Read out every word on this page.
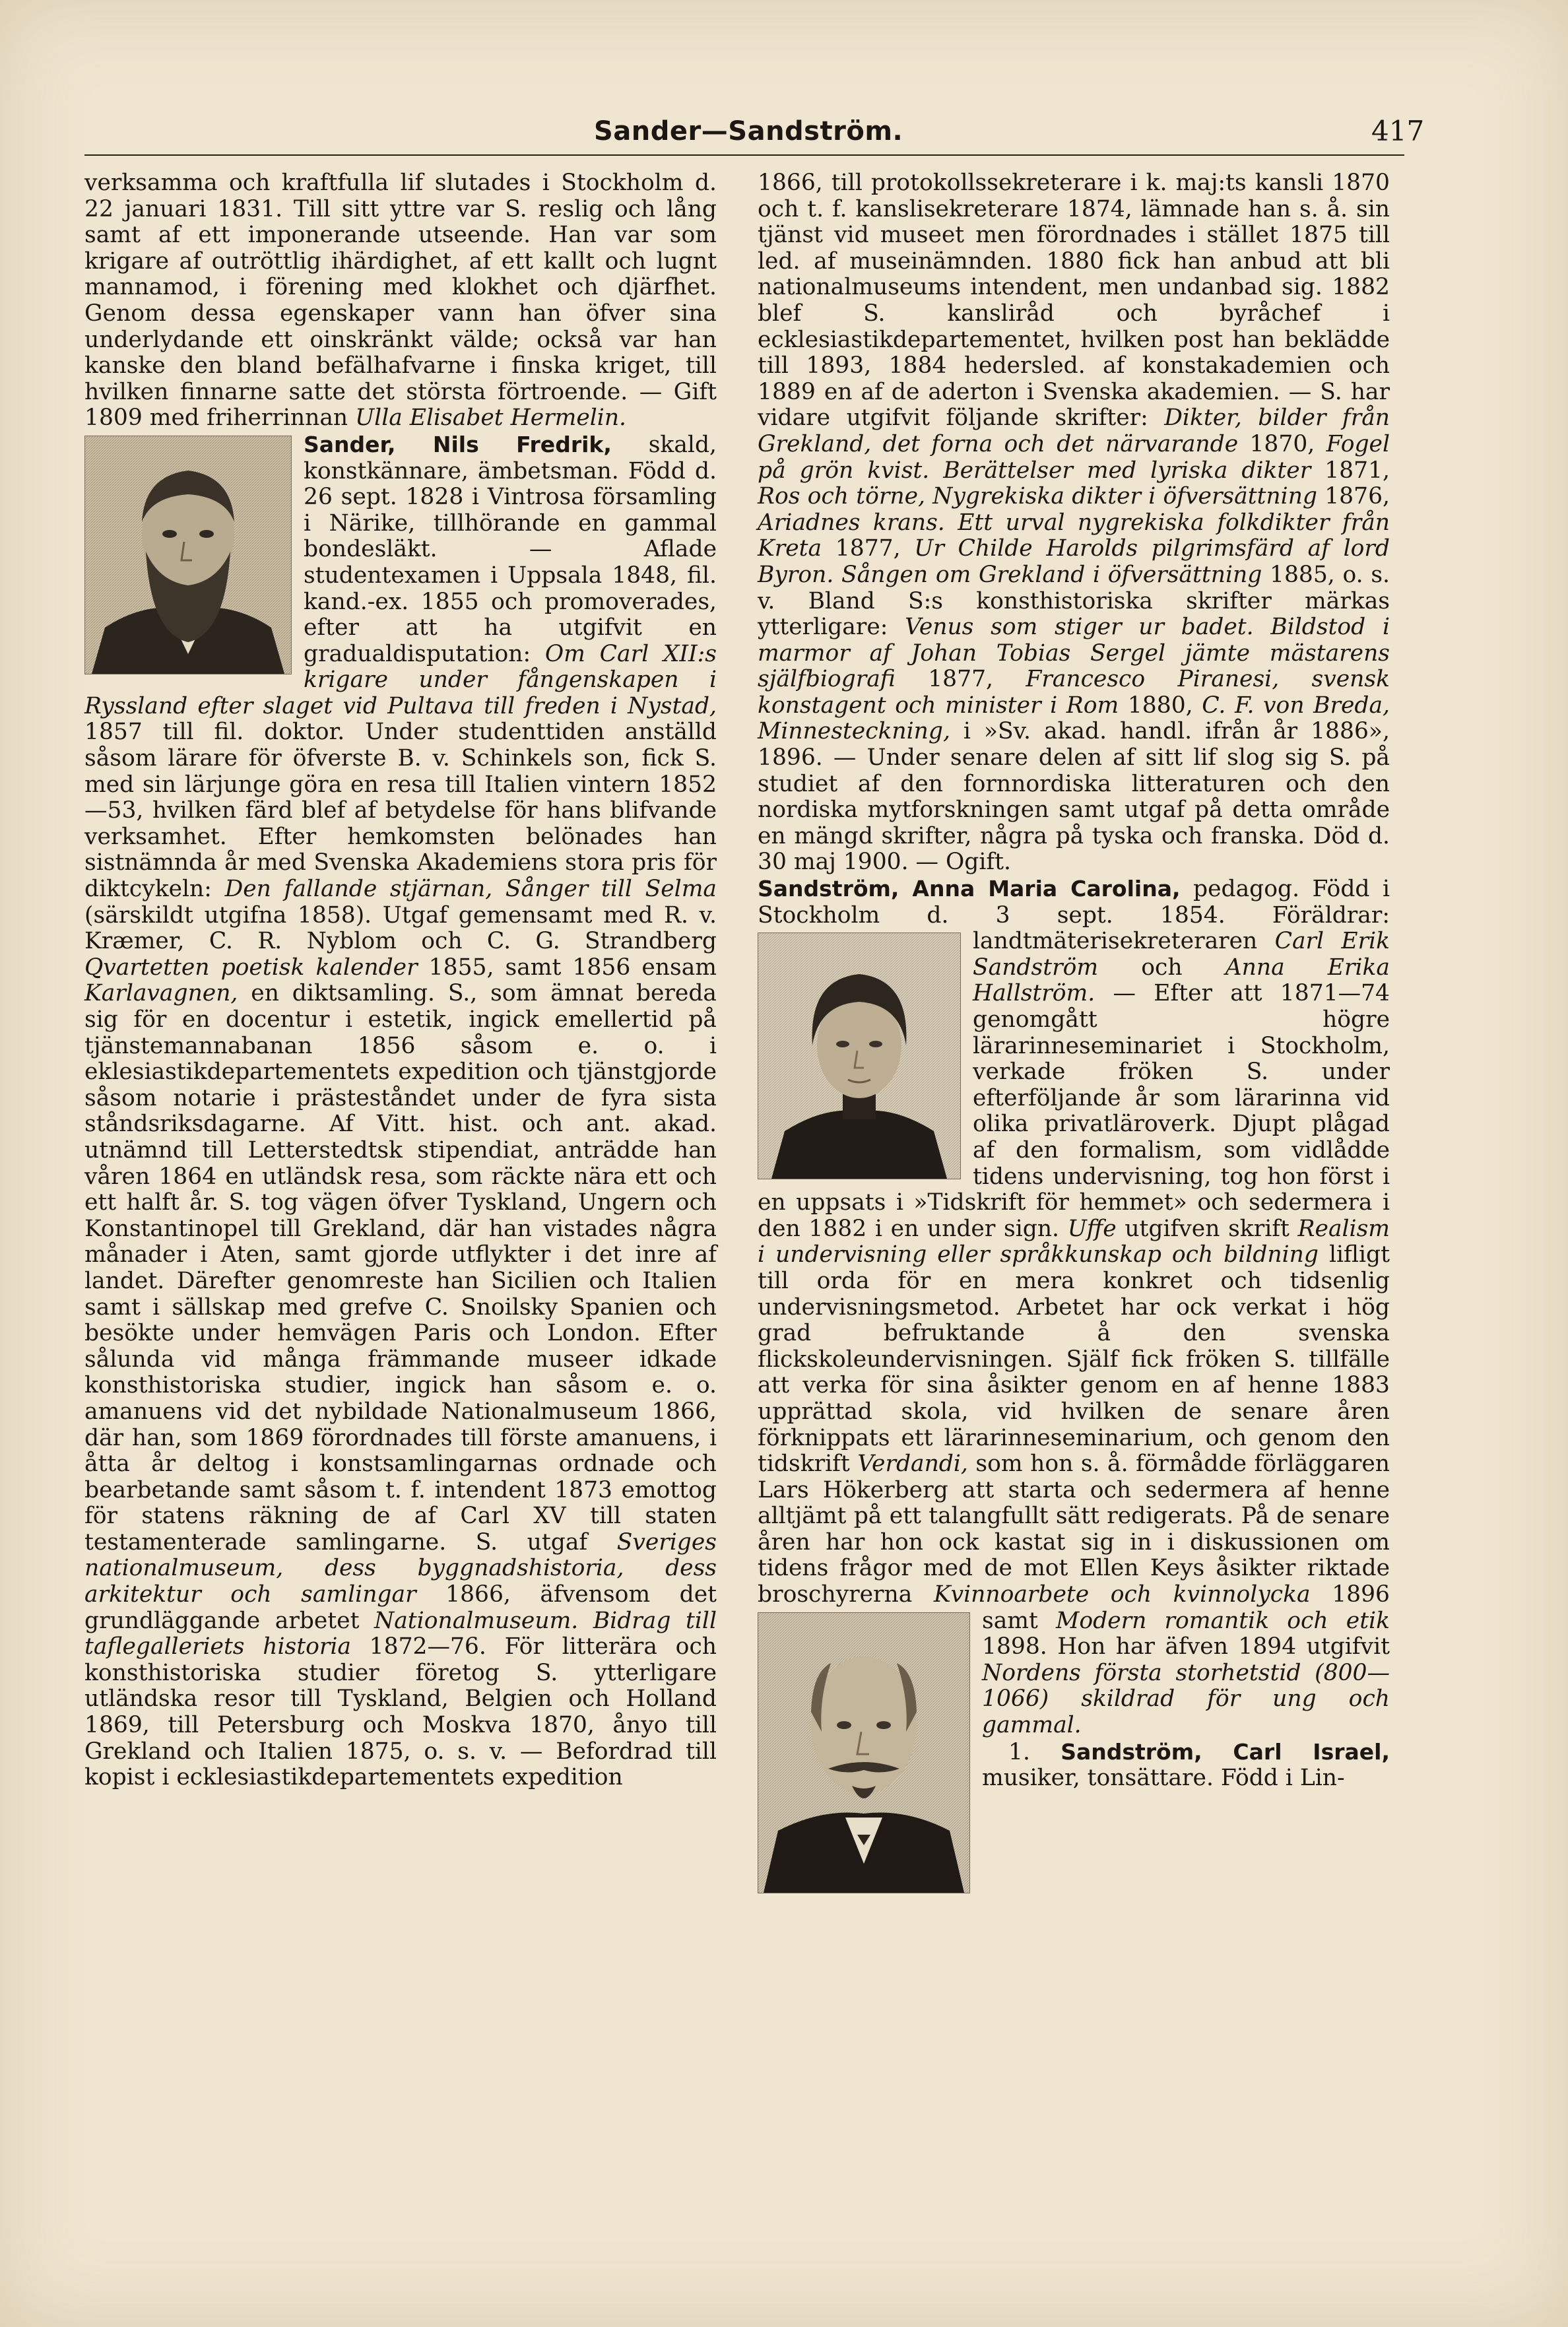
Sander—Sandström.	417

verksamma och kraftfulla lif slutades i Stockholm d. 22 januari 1831. Till sitt yttre var S. reslig och lång samt af ett imponerande utseende. Han var som krigare af outröttlig ihärdighet, af ett kallt och lugnt mannamod, i förening med klokhet och djärfhet. Genom dessa egenskaper vann han öfver sina underlydande ett oinskränkt välde; också var han kanske den bland befälhafvarne i finska kriget, till hvilken finnarne satte det största förtroende. — Gift 1809 med friherrinnan Ulla Elisabet Hermelin.

Sander, Nils Fredrik, skald, konstkännare, ämbetsman. Född d. 26 sept. 1828 i Vintrosa församling i Närike, tillhörande en gammal bondesläkt. — Aflade studentexamen i Uppsala 1848, fil. kand.-ex. 1855 och promoverades, efter att ha utgifvit en gradualdisputation: Om Carl XII:s krigare under fångenskapen i Ryssland efter slaget vid Pultava till freden i Nystad, 1857 till fil. doktor. Under studenttiden anställd såsom lärare för öfverste B. v. Schinkels son, fick S. med sin lärjunge göra en resa till Italien vintern 1852—53, hvilken färd blef af betydelse för hans blifvande verksamhet. Efter hemkomsten belönades han sistnämnda år med Svenska Akademiens stora pris för diktcykeln: Den fallande stjärnan, Sånger till Selma (särskildt utgifna 1858). Utgaf gemensamt med R. v. Kræmer, C. R. Nyblom och C. G. Strandberg Qvartetten poetisk kalender 1855, samt 1856 ensam Karlavagnen, en diktsamling. S., som ämnat bereda sig för en docentur i estetik, ingick emellertid på tjänstemannabanan 1856 såsom e. o. i eklesiastikdepartementets expedition och tjänstgjorde såsom notarie i prästeståndet under de fyra sista ståndsriksdagarne. Af Vitt. hist. och ant. akad. utnämnd till Letterstedtsk stipendiat, anträdde han våren 1864 en utländsk resa, som räckte nära ett och ett halft år. S. tog vägen öfver Tyskland, Ungern och Konstantinopel till Grekland, där han vistades några månader i Aten, samt gjorde utflykter i det inre af landet. Därefter genomreste han Sicilien och Italien samt i sällskap med grefve C. Snoilsky Spanien och besökte under hemvägen Paris och London. Efter sålunda vid många främmande museer idkade konsthistoriska studier, ingick han såsom e. o. amanuens vid det nybildade Nationalmuseum 1866, där han, som 1869 förordnades till förste amanuens, i åtta år deltog i konstsamlingarnas ordnade och bearbetande samt såsom t. f. intendent 1873 emottog för statens räkning de af Carl XV till staten testamenterade samlingarne. S. utgaf Sveriges nationalmuseum, dess byggnadshistoria, dess arkitektur och samlingar 1866, äfvensom det grundläggande arbetet Nationalmuseum. Bidrag till taflegalleriets historia 1872—76. För litterära och konsthistoriska studier företog S. ytterligare utländska resor till Tyskland, Belgien och Holland 1869, till Petersburg och Moskva 1870, ånyo till Grekland och Italien 1875, o. s. v. — Befordrad till kopist i ecklesiastikdepartementets expedition

1866, till protokollssekreterare i k. maj:ts kansli 1870 och t. f. kanslisekreterare 1874, lämnade han s. å. sin tjänst vid museet men förordnades i stället 1875 till led. af museinämnden. 1880 fick han anbud att bli nationalmuseums intendent, men undanbad sig. 1882 blef S. kansliråd och byråchef i ecklesiastikdepartementet, hvilken post han beklädde till 1893, 1884 hedersled. af konstakademien och 1889 en af de aderton i Svenska akademien. — S. har vidare utgifvit följande skrifter: Dikter, bilder från Grekland, det forna och det närvarande 1870, Fogel på grön kvist. Berättelser med lyriska dikter 1871, Ros och törne, Nygrekiska dikter i öfversättning 1876, Ariadnes krans. Ett urval nygrekiska folkdikter från Kreta 1877, Ur Childe Harolds pilgrimsfärd af lord Byron. Sången om Grekland i öfversättning 1885, o. s. v. Bland S:s konsthistoriska skrifter märkas ytterligare: Venus som stiger ur badet. Bildstod i marmor af Johan Tobias Sergel jämte mästarens själfbiografi 1877, Francesco Piranesi, svensk konstagent och minister i Rom 1880, C. F. von Breda, Minnesteckning, i »Sv. akad. handl. ifrån år 1886», 1896. — Under senare delen af sitt lif slog sig S. på studiet af den fornnordiska litteraturen och den nordiska mytforskningen samt utgaf på detta område en mängd skrifter, några på tyska och franska. Död d. 30 maj 1900. — Ogift.

Sandström, Anna Maria Carolina, pedagog. Född i Stockholm d. 3 sept. 1854. Föräldrar: landtmäterisekreteraren
Carl Erik Sandström och Anna Erika Hallström. — Efter att 1871—74 genomgått högre lärarinneseminariet i Stockholm, verkade fröken S. under efterföljande år som lärarinna vid olika privatläroverk. Djupt plågad af den formalism, som vidlådde tidens undervisning, tog hon först i en uppsats i »Tidskrift för hemmet» och sedermera i den 1882 i en under sign. Uffe utgifven skrift Realism i undervisning eller språkkunskap och bildning lifligt till orda för en mera konkret och tidsenlig undervisningsmetod. Arbetet har ock verkat i hög grad befruktande å den svenska flickskoleundervisningen. Själf fick fröken S. tillfälle att verka för sina åsikter genom en af henne 1883 upprättad skola, vid hvilken de senare åren förknippats ett lärarinneseminarium, och genom den tidskrift Verdandi, som hon s. å. förmådde förläggaren Lars Hökerberg att starta och sedermera af henne alltjämt på ett talangfullt sätt redigerats. På de senare åren har hon ock kastat sig in i diskussionen om tidens frågor med de mot Ellen Keys åsikter riktade broschyrerna Kvinnoarbete och kvinnolycka
1896 samt Modern romantik och etik 1898. Hon har äfven 1894 utgifvit Nordens första storhetstid (800—1066) skildrad för ung och gammal.

1. Sandström, Carl Israel, musiker, tonsättare. Född i Lin-
